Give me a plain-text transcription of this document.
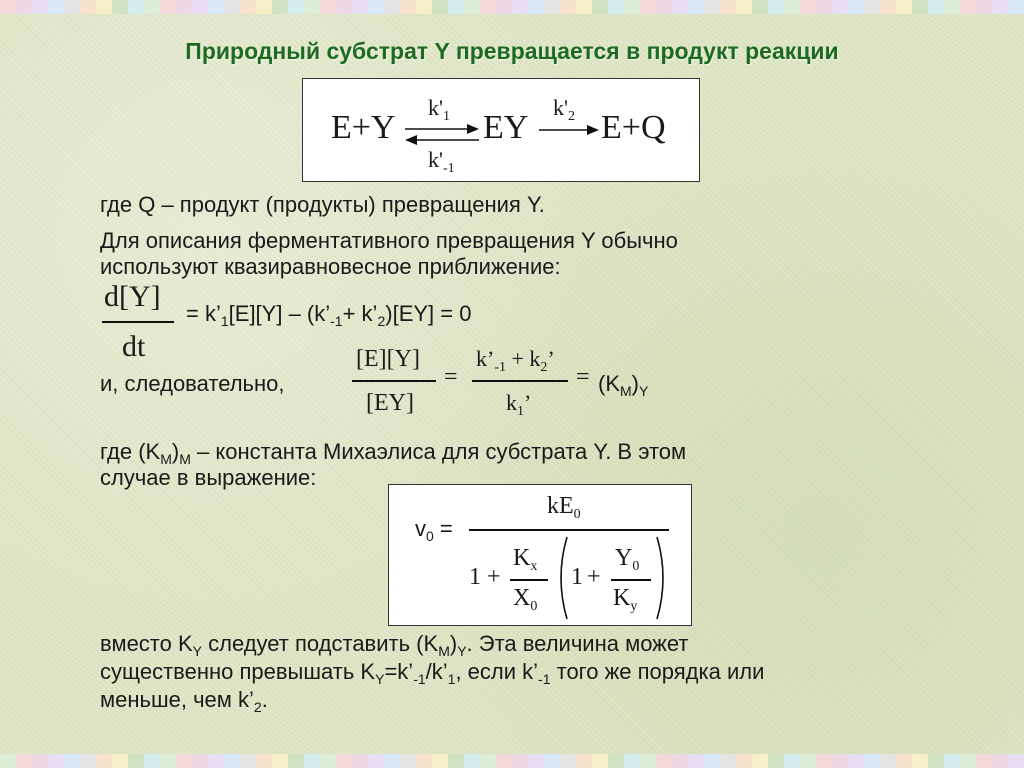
Природный субстрат Y превращается в продукт реакции
E+Y
$k'_1$
$k'_{-1}$
EY
$k'_2$ E+Q
где Q – продукт (продукты) превращения Y.
Для описания ферментативного превращения Y обычно
используют квазиравновесное приближение:
d[Y]
dt
= $k’_1[E][Y]$ – ($k’_{-1}+$ $k’_2)[EY] = 0$
и, следовательно,
[E][Y]
[EY]
=
$k’_{-1} + k_2$’
$k_1$’
= $(K_M)_Y$
где $(K_M)_M$ – константа Михаэлиса для субстрата Y. В этом
случае в выражение:
$v_0$ =
$kE_0$
1 +
$K_x$
$X_0$
1 +
$Y_0$
$K_y$
вместо $K_Y$ следует подставить $(K_M)_Y$. Эта величина может
существенно превышать $K_Y=k’_{-1}/k’_1$, если $k’_{-1}$ того же порядка или
меньше, чем $k’_2$.
